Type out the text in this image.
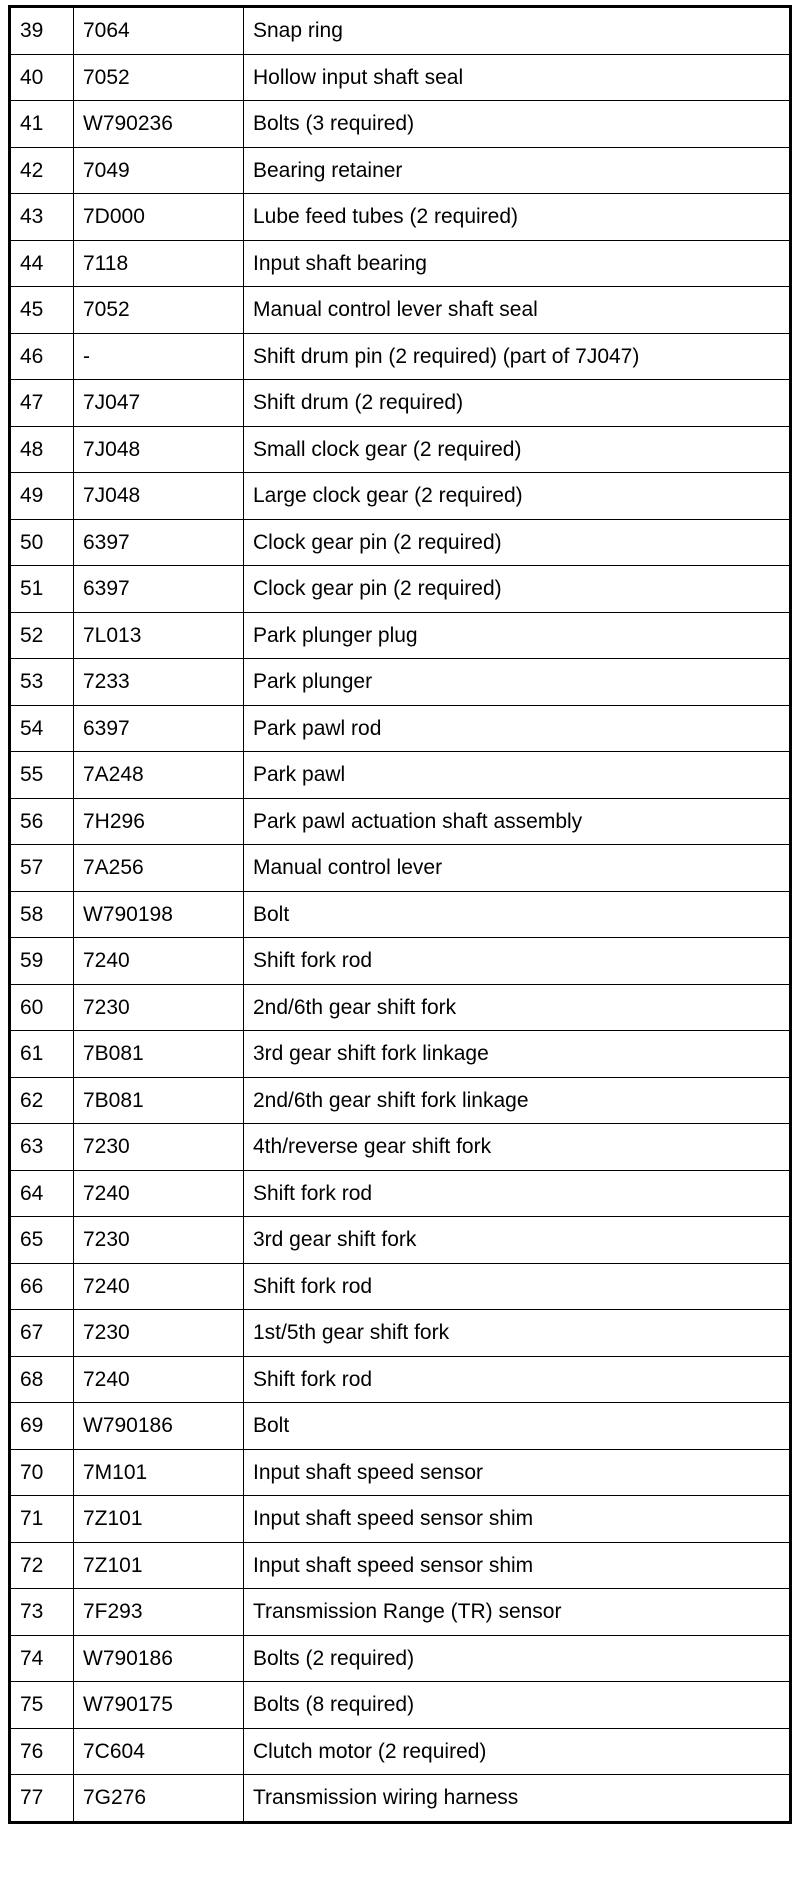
39	7064	Snap ring
40	7052	Hollow input shaft seal
41	W790236	Bolts (3 required)
42	7049	Bearing retainer
43	7D000	Lube feed tubes (2 required)
44	7118	Input shaft bearing
45	7052	Manual control lever shaft seal
46	-	Shift drum pin (2 required) (part of 7J047)
47	7J047	Shift drum (2 required)
48	7J048	Small clock gear (2 required)
49	7J048	Large clock gear (2 required)
50	6397	Clock gear pin (2 required)
51	6397	Clock gear pin (2 required)
52	7L013	Park plunger plug
53	7233	Park plunger
54	6397	Park pawl rod
55	7A248	Park pawl
56	7H296	Park pawl actuation shaft assembly
57	7A256	Manual control lever
58	W790198	Bolt
59	7240	Shift fork rod
60	7230	2nd/6th gear shift fork
61	7B081	3rd gear shift fork linkage
62	7B081	2nd/6th gear shift fork linkage
63	7230	4th/reverse gear shift fork
64	7240	Shift fork rod
65	7230	3rd gear shift fork
66	7240	Shift fork rod
67	7230	1st/5th gear shift fork
68	7240	Shift fork rod
69	W790186	Bolt
70	7M101	Input shaft speed sensor
71	7Z101	Input shaft speed sensor shim
72	7Z101	Input shaft speed sensor shim
73	7F293	Transmission Range (TR) sensor
74	W790186	Bolts (2 required)
75	W790175	Bolts (8 required)
76	7C604	Clutch motor (2 required)
77	7G276	Transmission wiring harness
